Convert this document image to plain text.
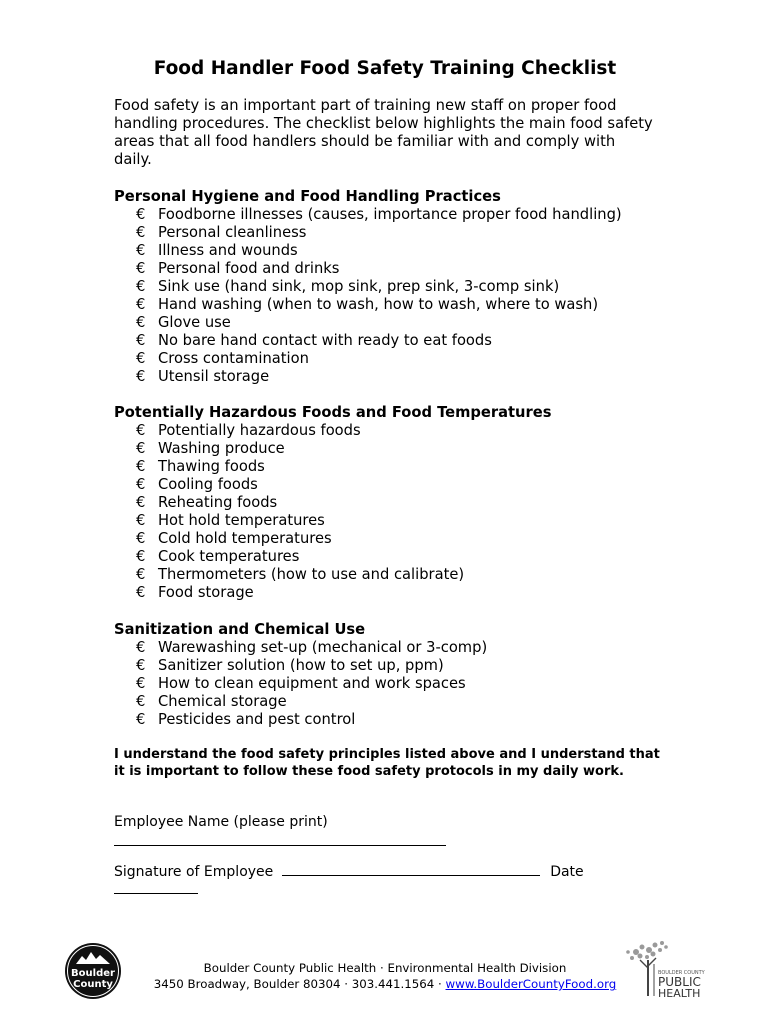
Food Handler Food Safety Training Checklist

Food safety is an important part of training new staff on proper food handling procedures. The checklist below highlights the main food safety areas that all food handlers should be familiar with and comply with daily.

Personal Hygiene and Food Handling Practices
€ Foodborne illnesses (causes, importance proper food handling)
€ Personal cleanliness
€ Illness and wounds
€ Personal food and drinks
€ Sink use (hand sink, mop sink, prep sink, 3-comp sink)
€ Hand washing (when to wash, how to wash, where to wash)
€ Glove use
€ No bare hand contact with ready to eat foods
€ Cross contamination
€ Utensil storage
Potentially Hazardous Foods and Food Temperatures
€ Potentially hazardous foods
€ Washing produce
€ Thawing foods
€ Cooling foods
€ Reheating foods
€ Hot hold temperatures
€ Cold hold temperatures
€ Cook temperatures
€ Thermometers (how to use and calibrate)
€ Food storage
Sanitization and Chemical Use
€ Warewashing set-up (mechanical or 3-comp)
€ Sanitizer solution (how to set up, ppm)
€ How to clean equipment and work spaces
€ Chemical storage
€ Pesticides and pest control

I understand the food safety principles listed above and I understand that it is important to follow these food safety protocols in my daily work.

Employee Name (please print)
Signature of Employee	Date
Boulder
County
Boulder County Public Health · Environmental Health Division
3450 Broadway, Boulder 80304 · 303.441.1564 · www.BoulderCountyFood.org
BOULDER COUNTY
PUBLIC
HEALTH
